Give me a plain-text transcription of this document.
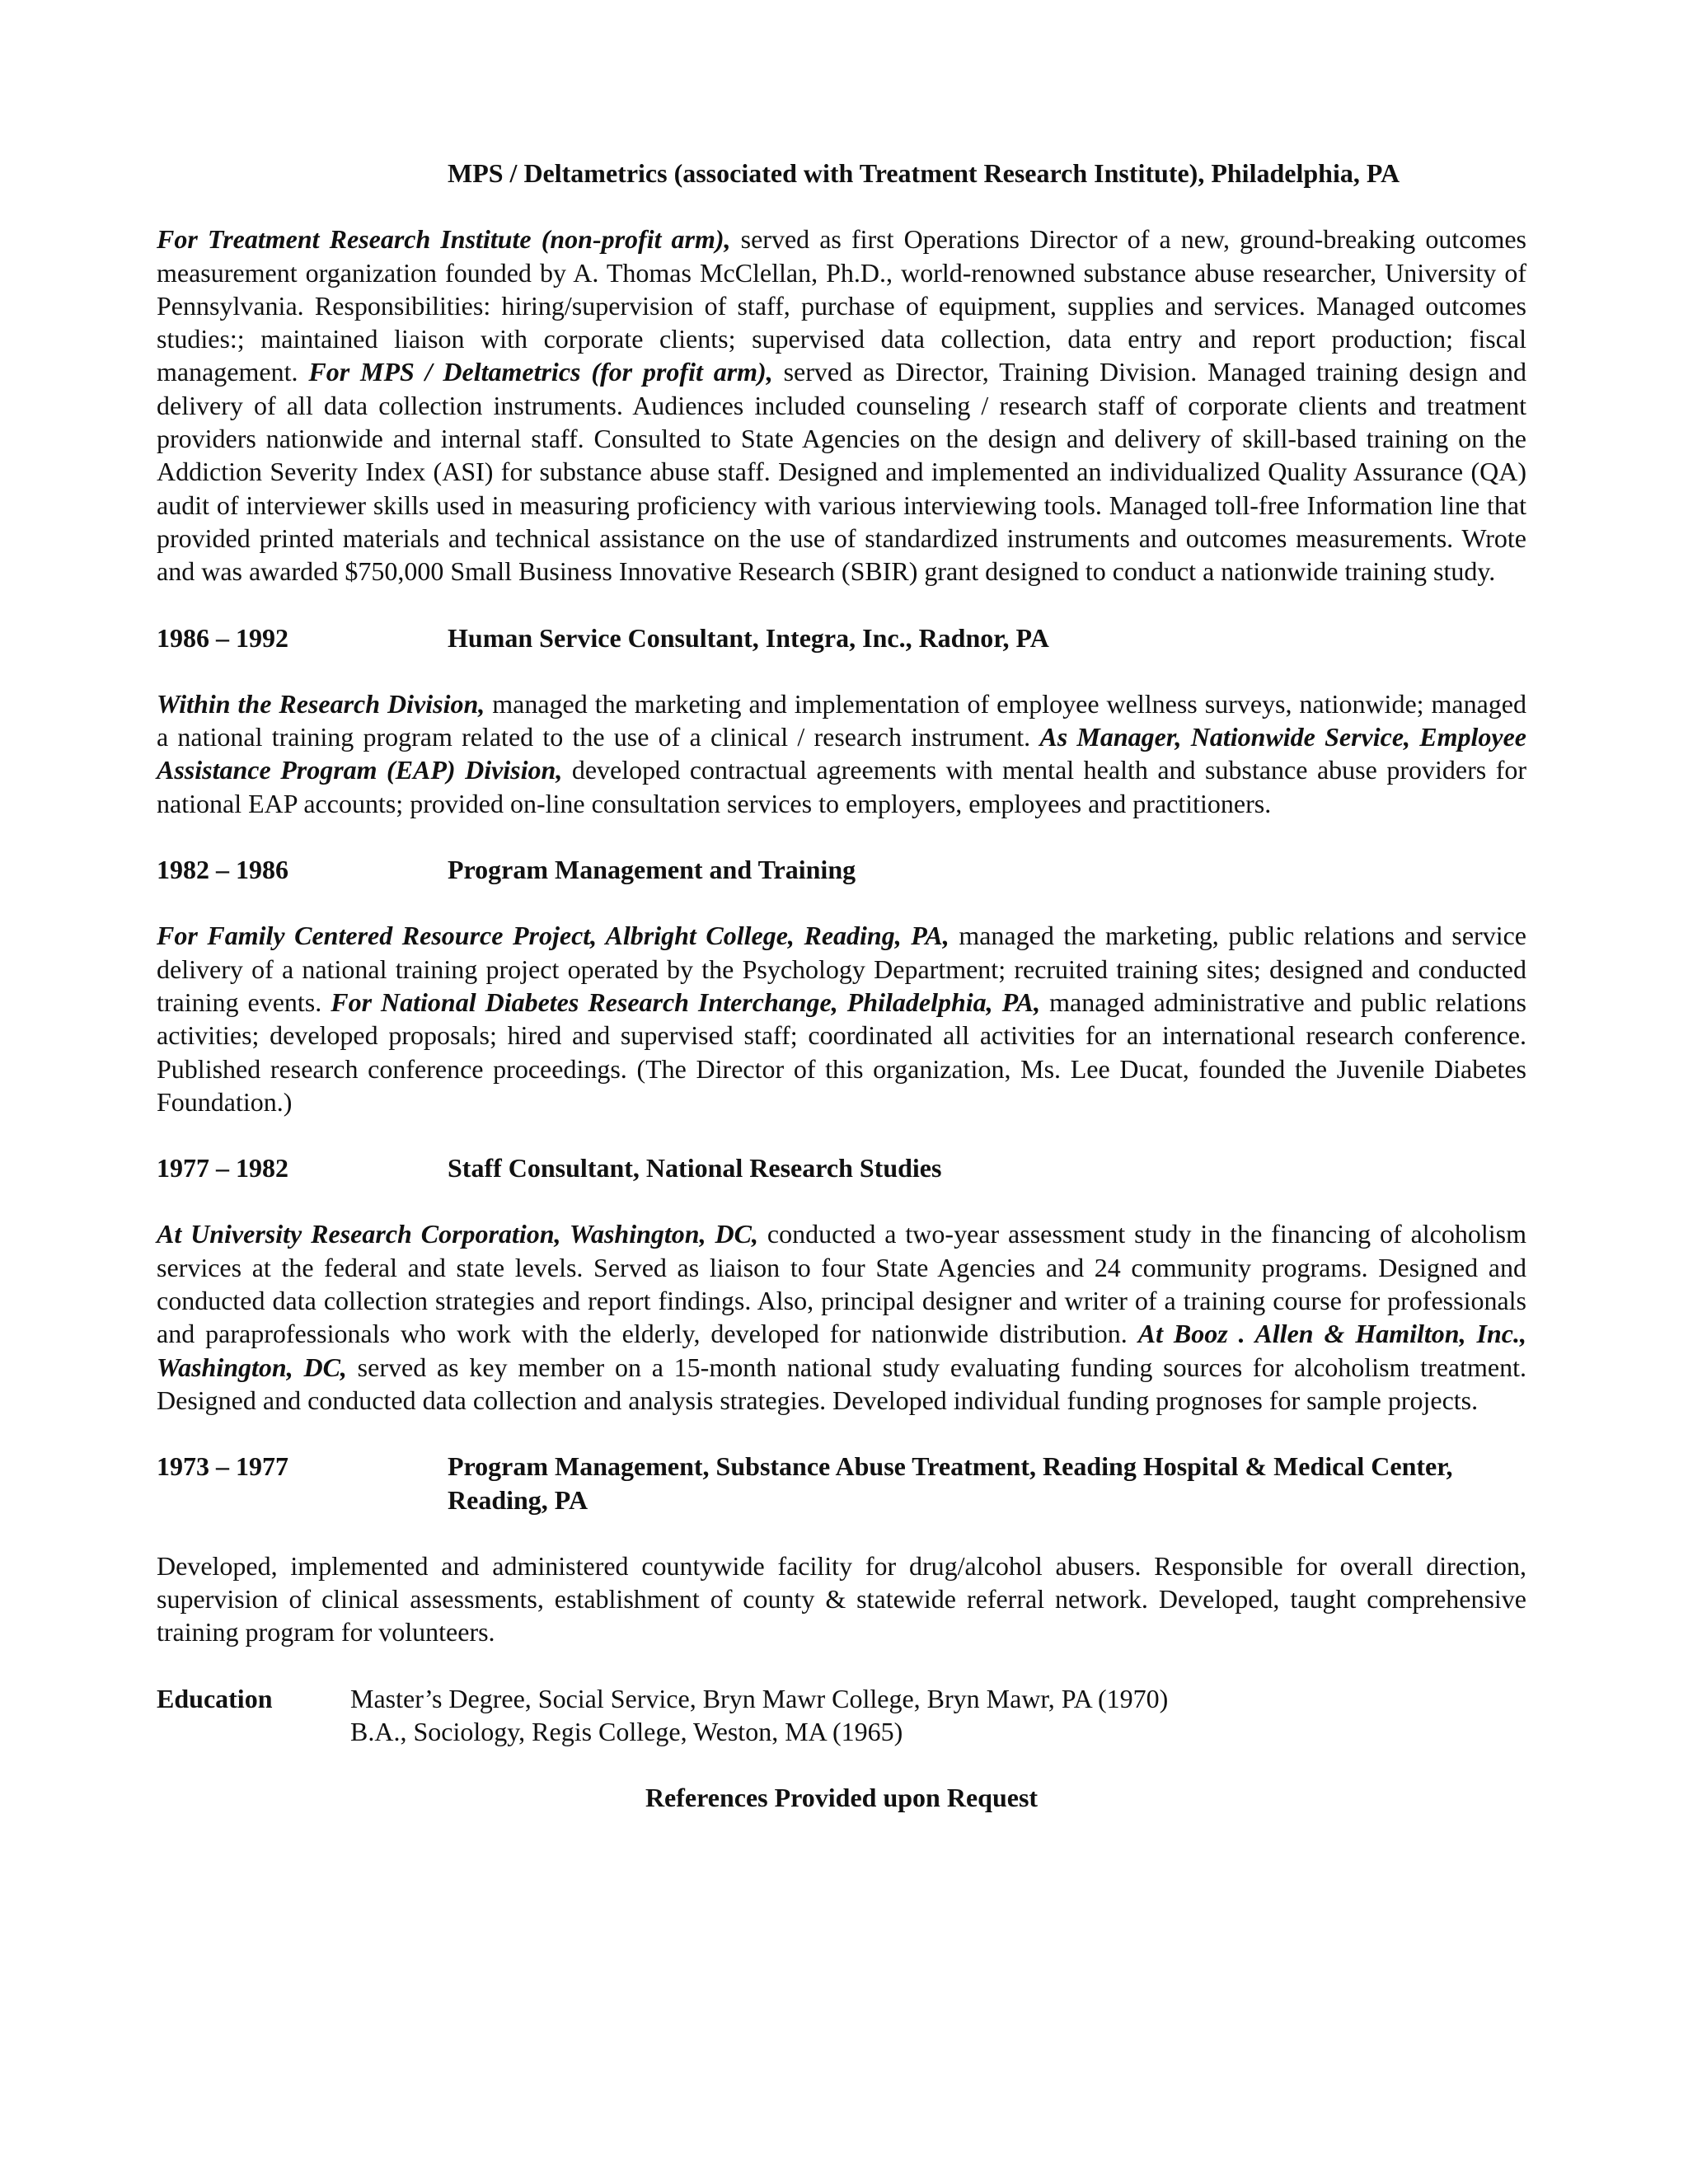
MPS / Deltametrics (associated with Treatment Research Institute), Philadelphia, PA
For Treatment Research Institute (non-profit arm), served as first Operations Director of a new, ground-breaking outcomes measurement organization founded by A. Thomas McClellan, Ph.D., world-renowned substance abuse researcher, University of Pennsylvania. Responsibilities: hiring/supervision of staff, purchase of equipment, supplies and services. Managed outcomes studies:; maintained liaison with corporate clients; supervised data collection, data entry and report production; fiscal management. For MPS / Deltametrics (for profit arm), served as Director, Training Division. Managed training design and delivery of all data collection instruments. Audiences included counseling / research staff of corporate clients and treatment providers nationwide and internal staff. Consulted to State Agencies on the design and delivery of skill-based training on the Addiction Severity Index (ASI) for substance abuse staff. Designed and implemented an individualized Quality Assurance (QA) audit of interviewer skills used in measuring proficiency with various interviewing tools. Managed toll-free Information line that provided printed materials and technical assistance on the use of standardized instruments and outcomes measurements. Wrote and was awarded $750,000 Small Business Innovative Research (SBIR) grant designed to conduct a nationwide training study.
1986 – 1992	Human Service Consultant, Integra, Inc., Radnor, PA
Within the Research Division, managed the marketing and implementation of employee wellness surveys, nationwide; managed a national training program related to the use of a clinical / research instrument. As Manager, Nationwide Service, Employee Assistance Program (EAP) Division, developed contractual agreements with mental health and substance abuse providers for national EAP accounts; provided on-line consultation services to employers, employees and practitioners.
1982 – 1986	Program Management and Training
For Family Centered Resource Project, Albright College, Reading, PA, managed the marketing, public relations and service delivery of a national training project operated by the Psychology Department; recruited training sites; designed and conducted training events. For National Diabetes Research Interchange, Philadelphia, PA, managed administrative and public relations activities; developed proposals; hired and supervised staff; coordinated all activities for an international research conference. Published research conference proceedings. (The Director of this organization, Ms. Lee Ducat, founded the Juvenile Diabetes Foundation.)
1977 – 1982	Staff Consultant, National Research Studies
At University Research Corporation, Washington, DC, conducted a two-year assessment study in the financing of alcoholism services at the federal and state levels. Served as liaison to four State Agencies and 24 community programs. Designed and conducted data collection strategies and report findings. Also, principal designer and writer of a training course for professionals and paraprofessionals who work with the elderly, developed for nationwide distribution. At Booz . Allen & Hamilton, Inc., Washington, DC, served as key member on a 15-month national study evaluating funding sources for alcoholism treatment. Designed and conducted data collection and analysis strategies. Developed individual funding prognoses for sample projects.
1973 – 1977	Program Management, Substance Abuse Treatment, Reading Hospital & Medical Center, Reading, PA
Developed, implemented and administered countywide facility for drug/alcohol abusers. Responsible for overall direction, supervision of clinical assessments, establishment of county & statewide referral network. Developed, taught comprehensive training program for volunteers.
Education	Master’s Degree, Social Service, Bryn Mawr College, Bryn Mawr, PA (1970)
B.A., Sociology, Regis College, Weston, MA (1965)
References Provided upon Request
